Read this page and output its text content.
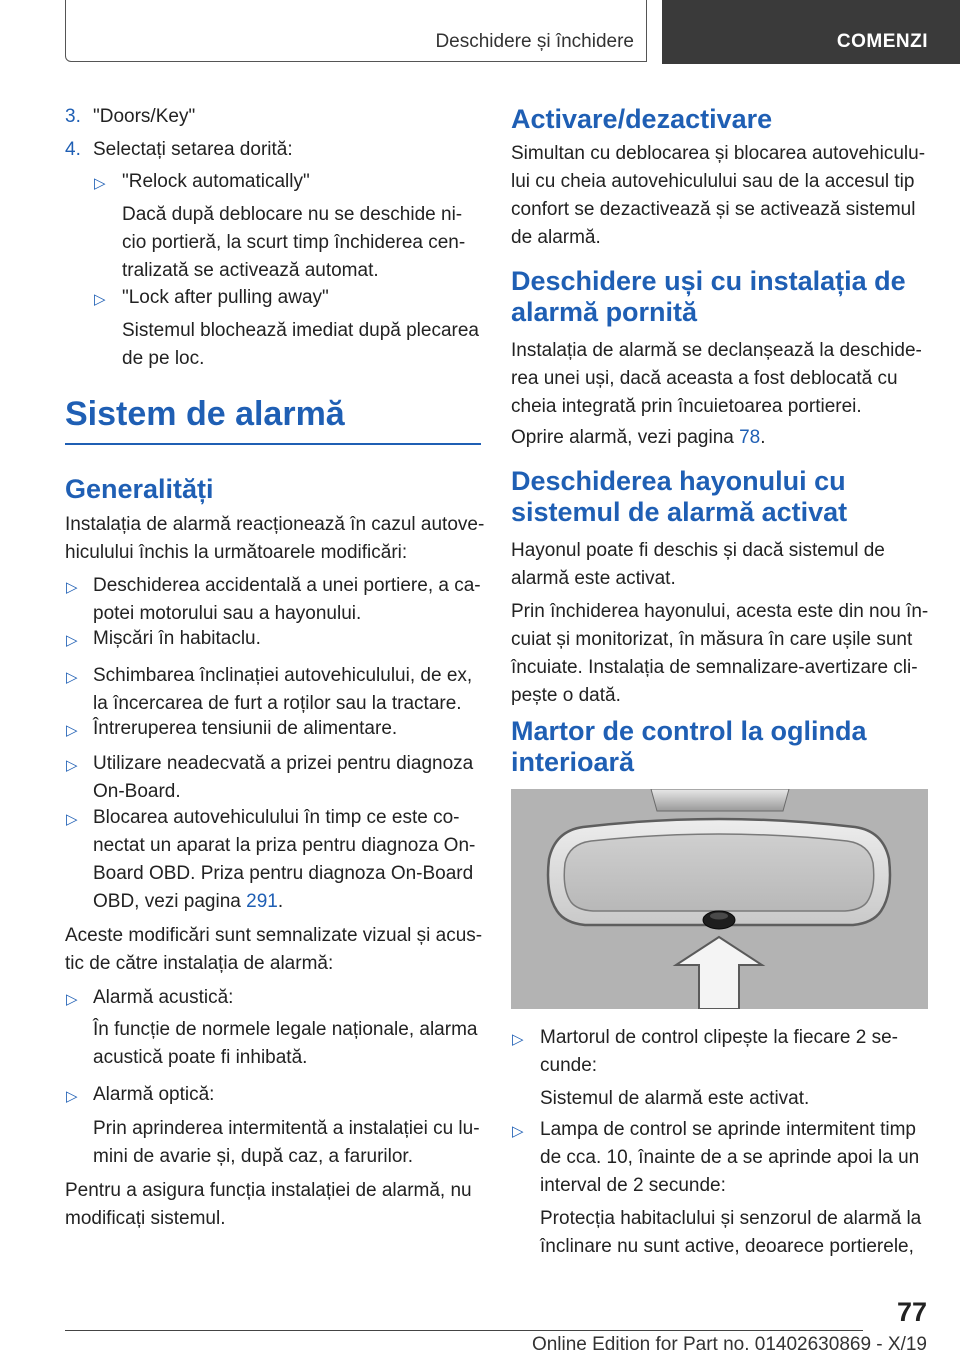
Deschidere și închidere	COMENZI
3. "Doors/Key"
4. Selectați setarea dorită:
▷ "Relock automatically"
Dacă după deblocare nu se deschide ni-
cio portieră, la scurt timp închiderea cen-
tralizată se activează automat.
▷ "Lock after pulling away"
Sistemul blochează imediat după plecarea
de pe loc.
Sistem de alarmă
Generalități
Instalația de alarmă reacționează în cazul autove-
hiculului închis la următoarele modificări:
▷ Deschiderea accidentală a unei portiere, a ca-
potei motorului sau a hayonului.
▷ Mișcări în habitaclu.
▷ Schimbarea înclinației autovehiculului, de ex,
la încercarea de furt a roților sau la tractare.
▷ Întreruperea tensiunii de alimentare.
▷ Utilizare neadecvată a prizei pentru diagnoza
On-Board.
▷ Blocarea autovehiculului în timp ce este co-
nectat un aparat la priza pentru diagnoza On-
Board OBD. Priza pentru diagnoza On-Board
OBD, vezi pagina 291.
Aceste modificări sunt semnalizate vizual și acus-
tic de către instalația de alarmă:
▷ Alarmă acustică:
În funcție de normele legale naționale, alarma
acustică poate fi inhibată.
▷ Alarmă optică:
Prin aprinderea intermitentă a instalației cu lu-
mini de avarie și, după caz, a farurilor.
Pentru a asigura funcția instalației de alarmă, nu
modificați sistemul.
Activare/dezactivare
Simultan cu deblocarea și blocarea autovehiculu-
lui cu cheia autovehiculului sau de la accesul tip
confort se dezactivează și se activează sistemul
de alarmă.
Deschidere uși cu instalația de
alarmă pornită
Instalația de alarmă se declanșează la deschide-
rea unei uși, dacă aceasta a fost deblocată cu
cheia integrată prin încuietoarea portierei.
Oprire alarmă, vezi pagina 78.
Deschiderea hayonului cu
sistemul de alarmă activat
Hayonul poate fi deschis și dacă sistemul de
alarmă este activat.
Prin închiderea hayonului, acesta este din nou în-
cuiat și monitorizat, în măsura în care ușile sunt
încuiate. Instalația de semnalizare-avertizare cli-
pește o dată.
Martor de control la oglinda
interioară
▷ Martorul de control clipește la fiecare 2 se-
cunde:
Sistemul de alarmă este activat.
▷ Lampa de control se aprinde intermitent timp
de cca. 10, înainte de a se aprinde apoi la un
interval de 2 secunde:
Protecția habitaclului și senzorul de alarmă la
înclinare nu sunt active, deoarece portierele,
77
Online Edition for Part no. 01402630869 - X/19
